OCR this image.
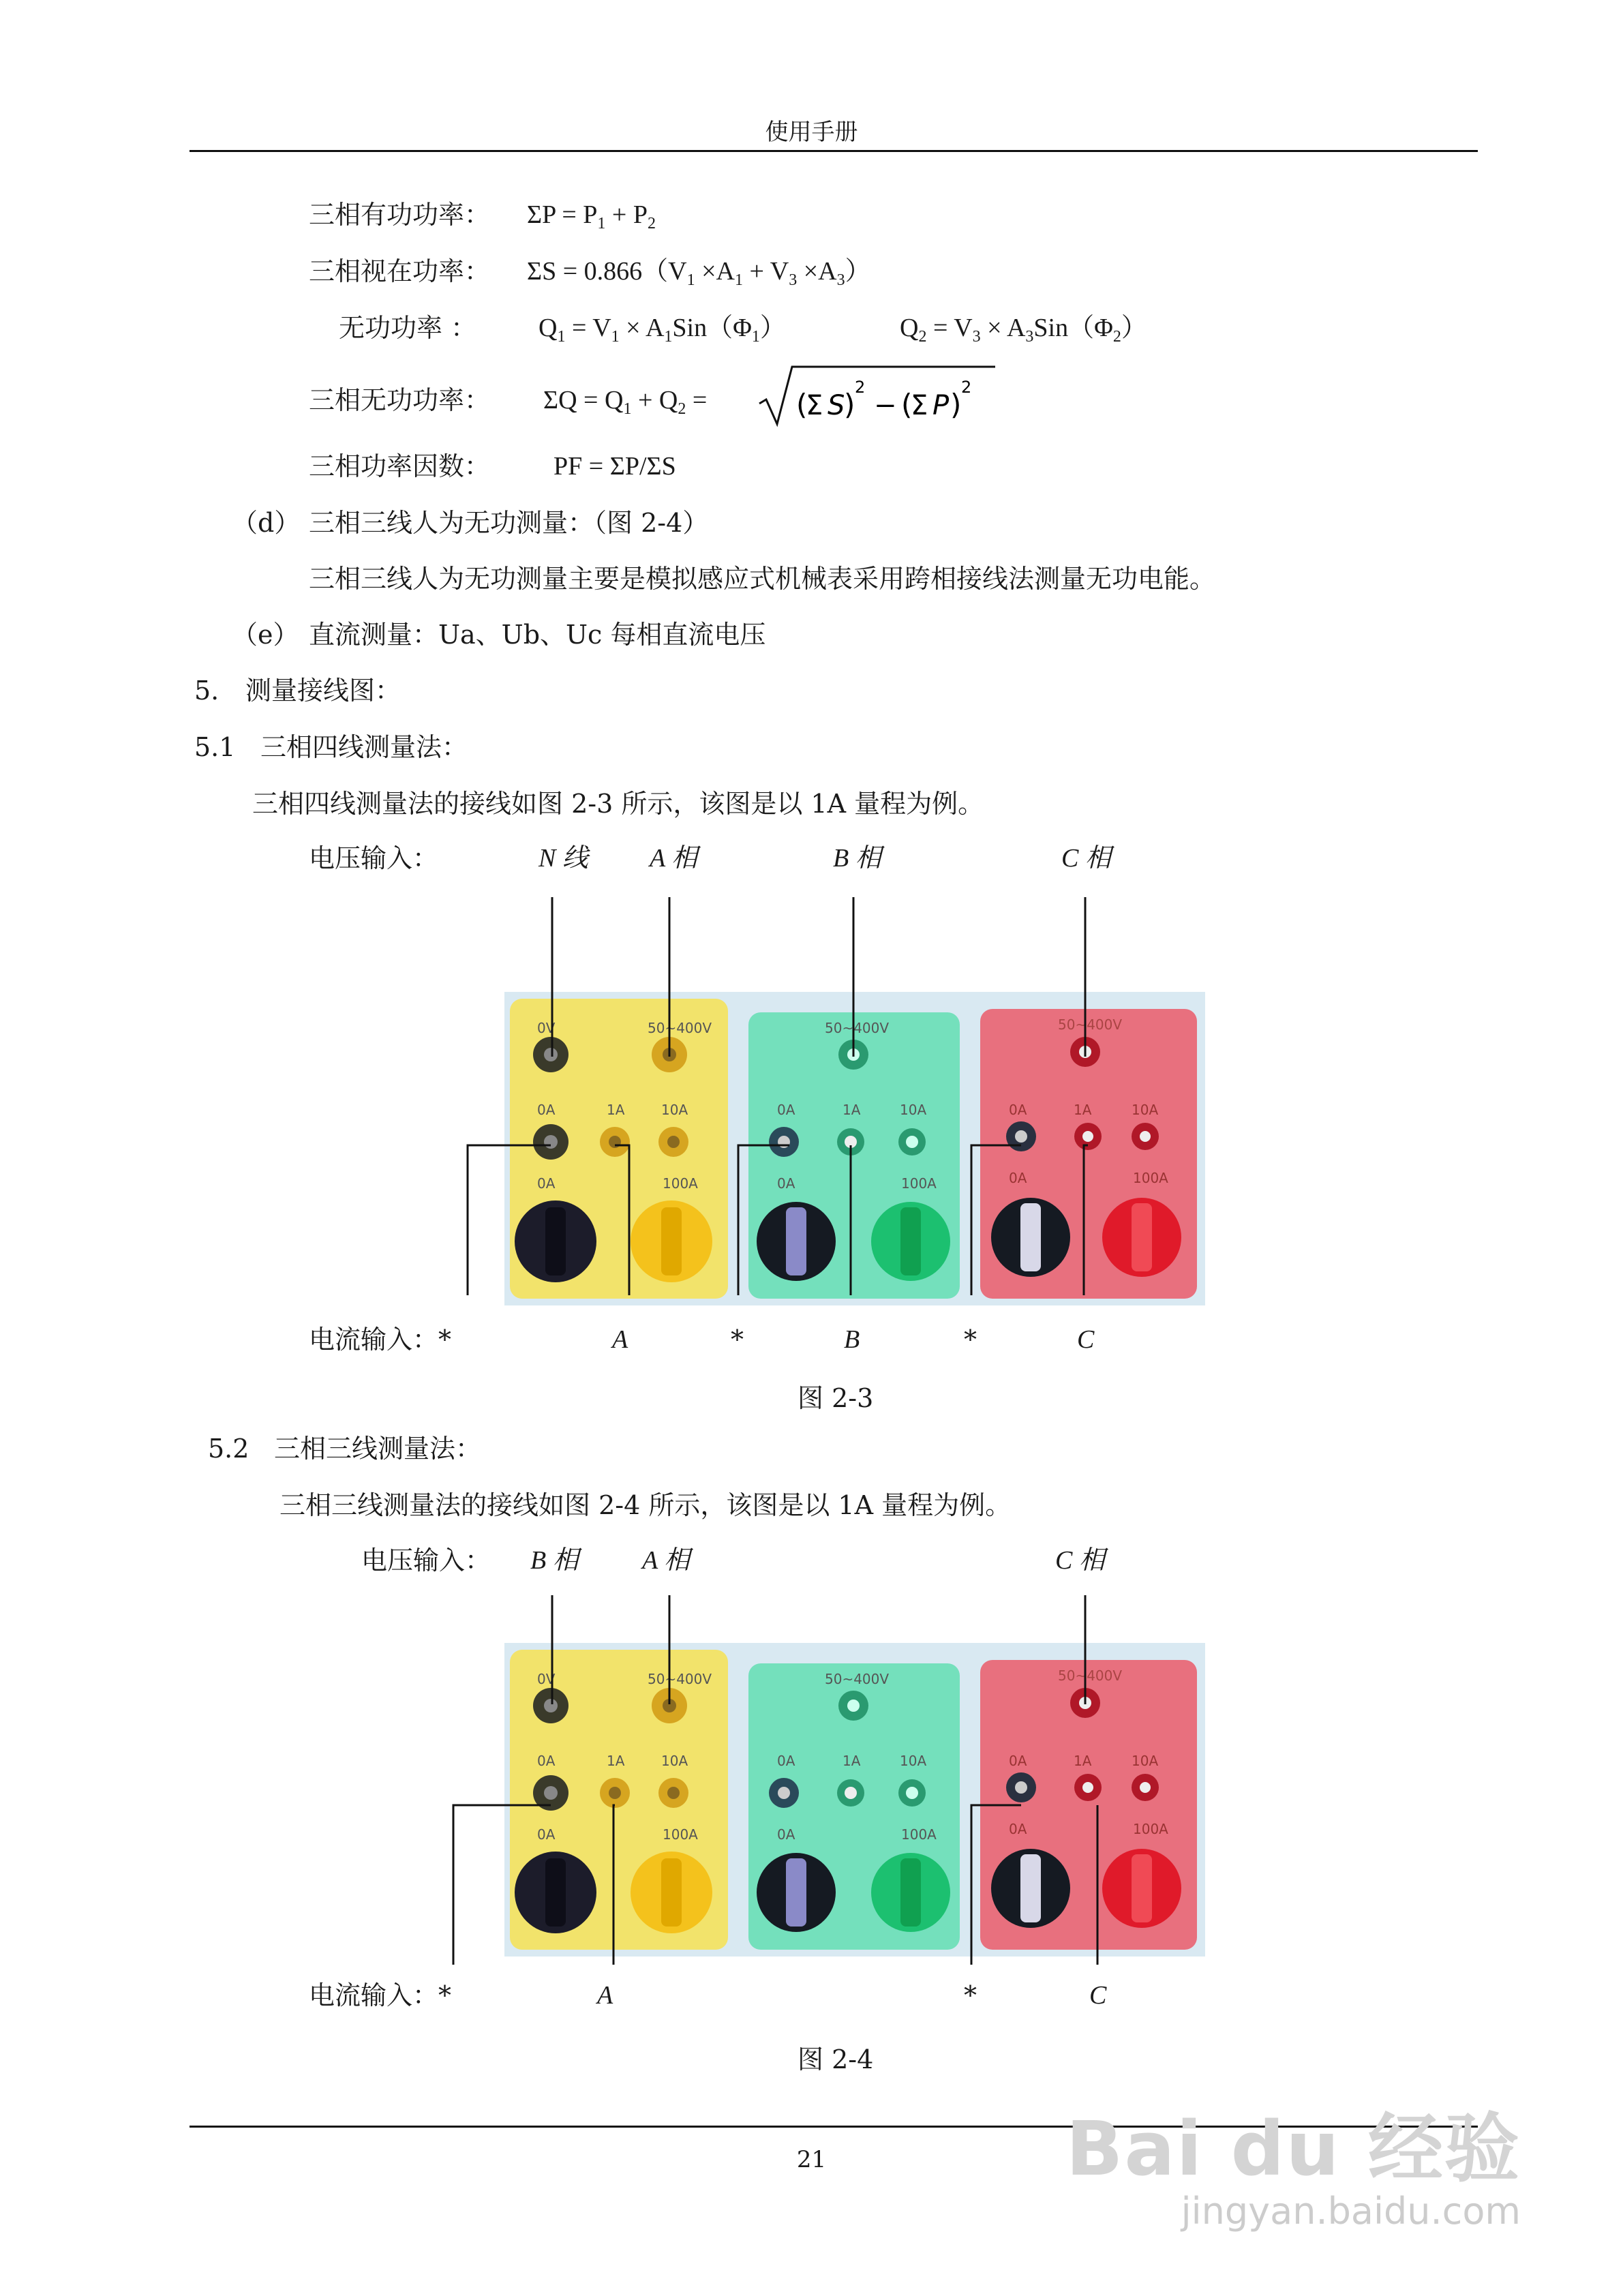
使用手册
三相有功功率： $\Sigma P = P_1 + P_2$
三相视在功率： $\Sigma S = 0.866(V_1 \times A_1 + V_3 \times A_3)$
无功功率 ： $Q_1 = V_1 \times A_1Sin(\Phi_1)$	$Q_2 = V_3 \times A_3Sin(\Phi_2)$
三相无功功率： $\Sigma Q = Q_1 + Q_2$ =	(
Σ S
)
2
− (
Σ P )
2
三相功率因数： PF = ΣP/ΣS
（d） 三相三线人为无功测量：（图 2-4）
三相三线人为无功测量主要是模拟感应式机械表采用跨相接线法测量无功电能。
（e） 直流测量：Ua、Ub、Uc 每相直流电压
5. 测量接线图：
5.1 三相四线测量法：
三相四线测量法的接线如图 2-3 所示，该图是以 1A 量程为例。
电压输入：	N 线 A 相	B 相	C 相
0V	50~400V
0A	1A	10A
0A	100A
50~400V
0A	1A	10A
0A	100A
50~400V
0A	1A	10A
0A	100A
电流输入：*	A	*	B	*	C
图 2-3
5.2 三相三线测量法：
三相三线测量法的接线如图 2-4 所示，该图是以 1A 量程为例。
电压输入： B 相 A 相	C 相
0V	50~400V
0A	1A	10A
0A	100A
50~400V
0A	1A	10A
0A	100A
50~400V
0A	1A	10A
0A	100A
电流输入：*	A	*	C
图 2-4
21	Bai du 经验
jingyan.baidu.com
